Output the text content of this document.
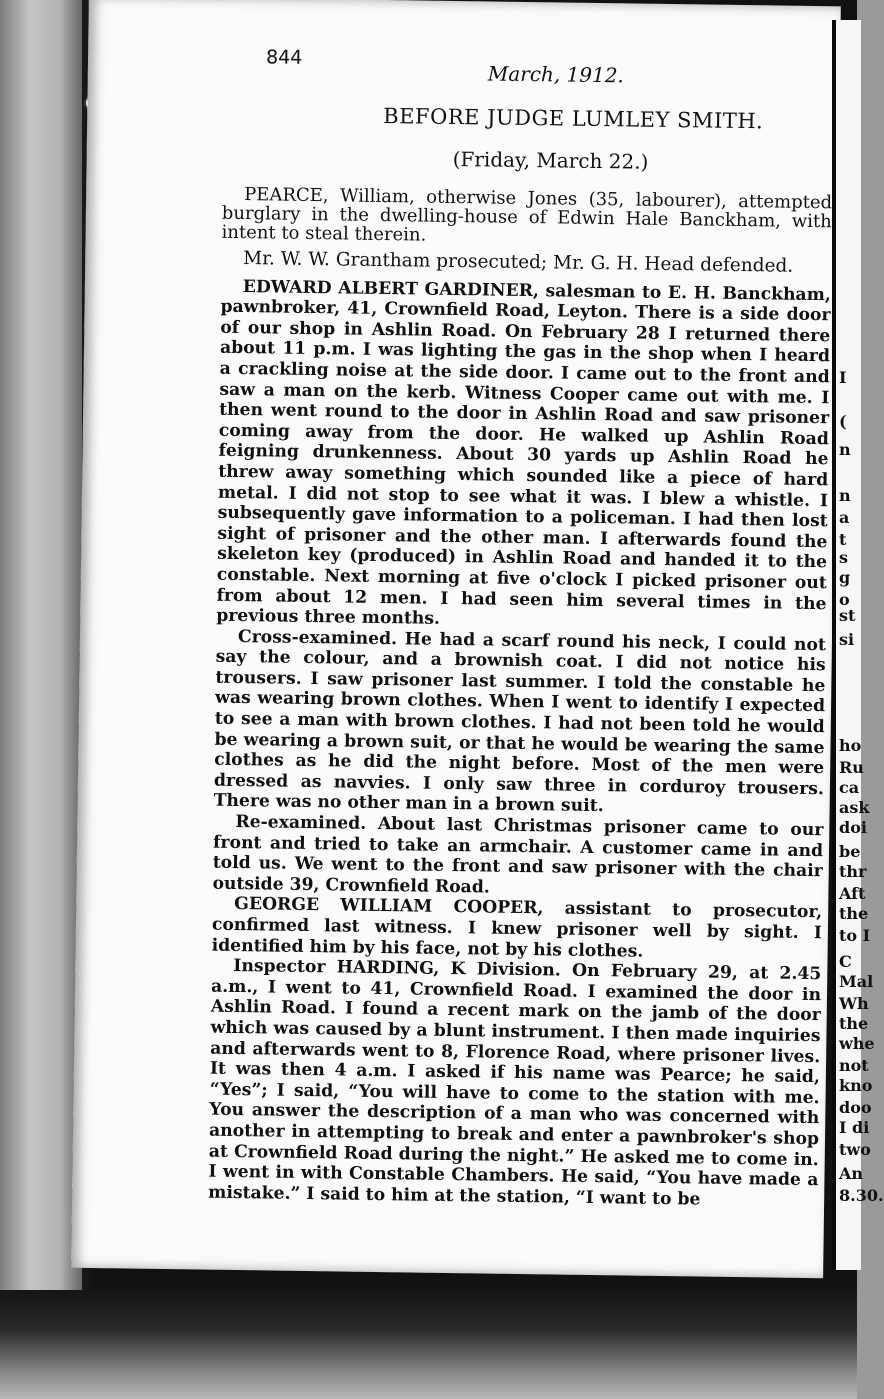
844
March, 1912.
BEFORE JUDGE LUMLEY SMITH.
(Friday, March 22.)

PEARCE, William, otherwise Jones (35, labourer), attempted burglary in the dwelling-house of Edwin Hale Banckham, with intent to steal therein.

Mr. W. W. Grantham prosecuted; Mr. G. H. Head defended.

EDWARD ALBERT GARDINER, salesman to E. H. Banckham, pawnbroker, 41, Crownfield Road, Leyton. There is a side door of our shop in Ashlin Road. On February 28 I returned there about 11 p.m. I was lighting the gas in the shop when I heard a crackling noise at the side door. I came out to the front and saw a man on the kerb. Witness Cooper came out with me. I then went round to the door in Ashlin Road and saw prisoner coming away from the door. He walked up Ashlin Road feigning drunkenness. About 30 yards up Ashlin Road he threw away something which sounded like a piece of hard metal. I did not stop to see what it was. I blew a whistle. I subsequently gave information to a policeman. I had then lost sight of prisoner and the other man. I afterwards found the skeleton key (produced) in Ashlin Road and handed it to the constable. Next morning at five o'clock I picked prisoner out from about 12 men. I had seen him several times in the previous three months.

Cross-examined. He had a scarf round his neck, I could not say the colour, and a brownish coat. I did not notice his trousers. I saw prisoner last summer. I told the constable he was wearing brown clothes. When I went to identify I expected to see a man with brown clothes. I had not been told he would be wearing a brown suit, or that he would be wearing the same clothes as he did the night before. Most of the men were dressed as navvies. I only saw three in corduroy trousers. There was no other man in a brown suit.

Re-examined. About last Christmas prisoner came to our front and tried to take an armchair. A customer came in and told us. We went to the front and saw prisoner with the chair outside 39, Crownfield Road.

GEORGE WILLIAM COOPER, assistant to prosecutor, confirmed last witness. I knew prisoner well by sight. I identified him by his face, not by his clothes.

Inspector HARDING, K Division. On February 29, at 2.45 a.m., I went to 41, Crownfield Road. I examined the door in Ashlin Road. I found a recent mark on the jamb of the door which was caused by a blunt instrument. I then made inquiries and afterwards went to 8, Florence Road, where prisoner lives. It was then 4 a.m. I asked if his name was Pearce; he said, “Yes”; I said, “You will have to come to the station with me. You answer the description of a man who was concerned with another in attempting to break and enter a pawnbroker's shop at Crownfield Road during the night.” He asked me to come in. I went in with Constable Chambers. He said, “You have made a mistake.” I said to him at the station, “I want to be

I
(
n
n
a
t
s
g
o
st
si
ho
Ru
ca
ask
doi
be
thr
Aft
the
to I
C
Mal
Wh
the
whe
not
kno
doo
I di
two
An
8.30.
